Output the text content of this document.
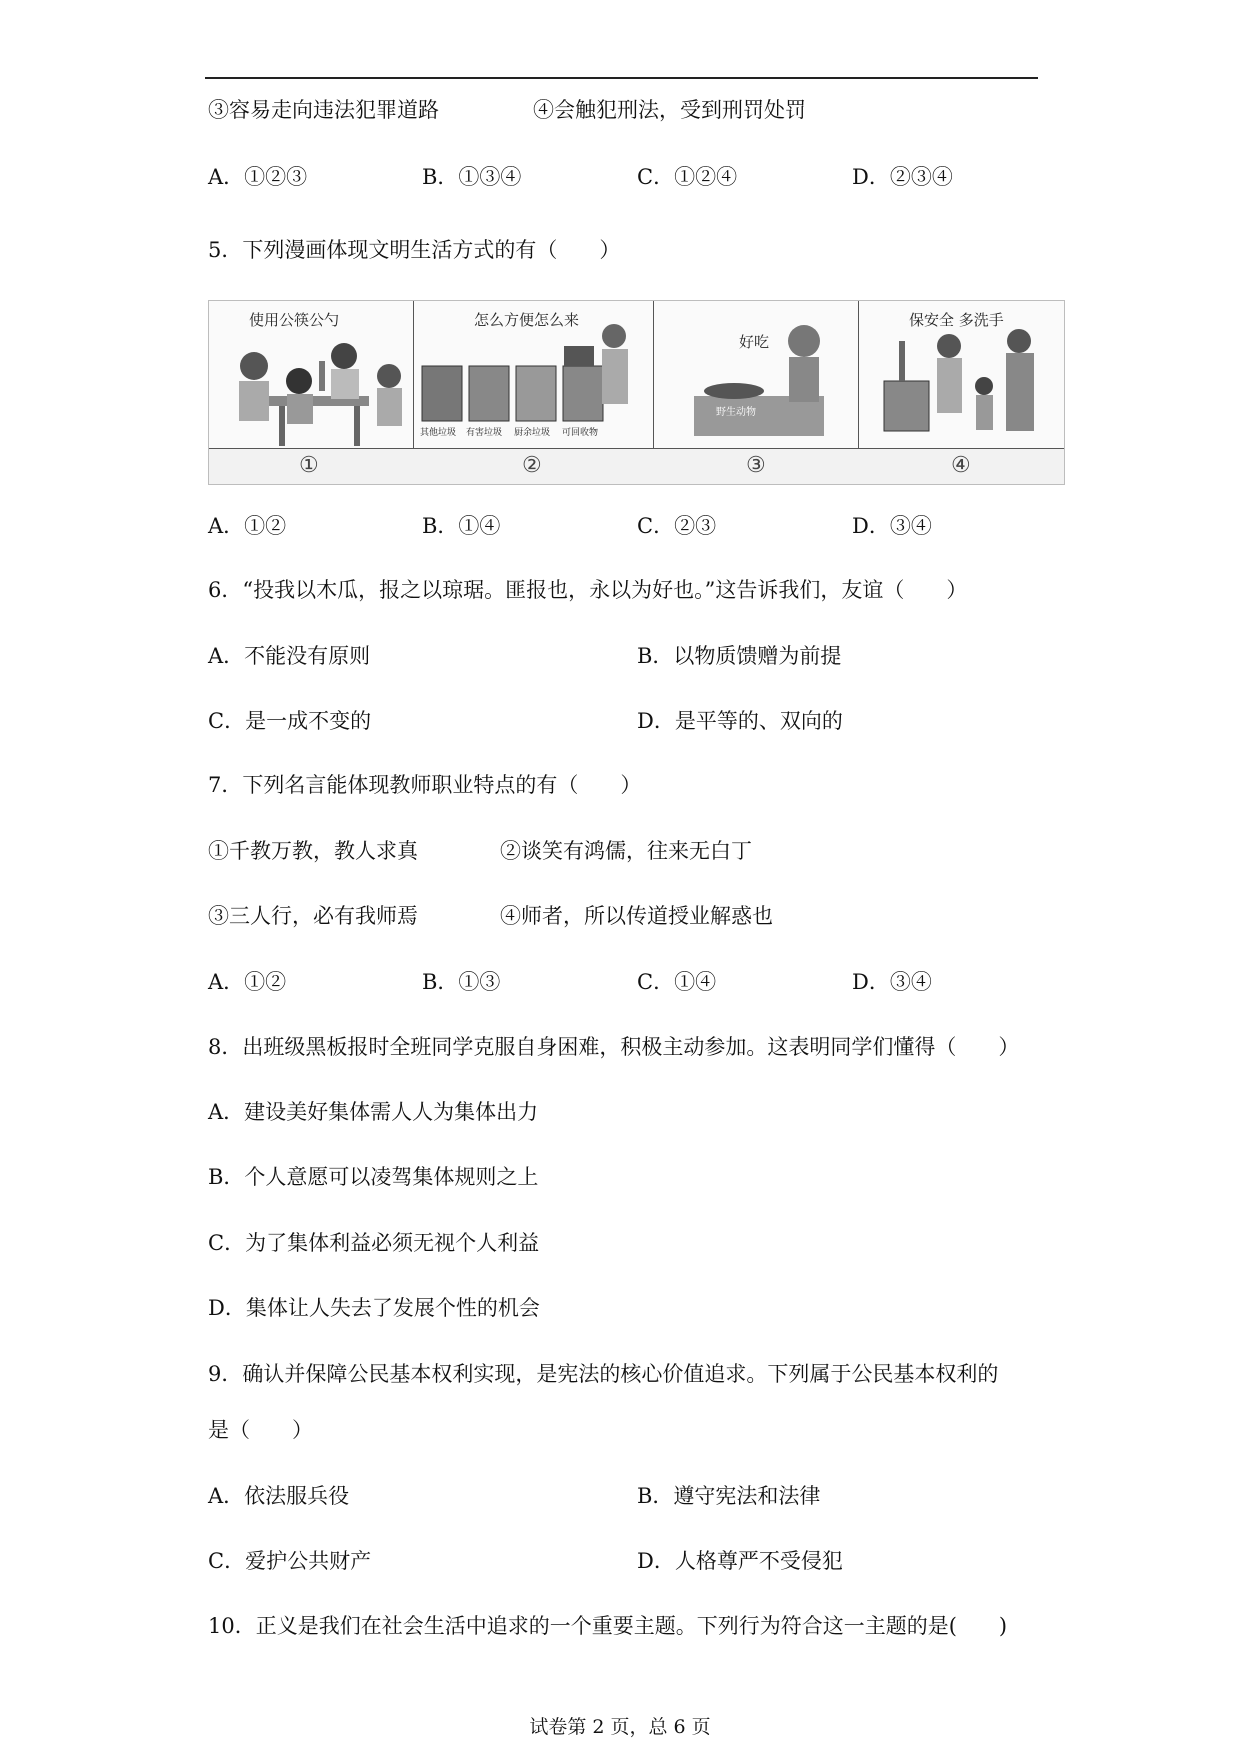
③容易走向违法犯罪道路	④会触犯刑法，受到刑罚处罚
A．①②③	B．①③④	C．①②④	D．②③④
5．下列漫画体现文明生活方式的有（　　）
使用公筷公勺
①
怎么方便怎么来
其他垃圾 有害垃圾 厨余垃圾 可回收物
②
好吃
野生动物
③
保安全 多洗手
④
A．①②	B．①④	C．②③	D．③④
6．“投我以木瓜，报之以琼琚。匪报也，永以为好也。”这告诉我们，友谊（　　）
A．不能没有原则	B．以物质馈赠为前提
C．是一成不变的	D．是平等的、双向的
7．下列名言能体现教师职业特点的有（　　）
①千教万教，教人求真	②谈笑有鸿儒，往来无白丁
③三人行，必有我师焉	④师者，所以传道授业解惑也
A．①②	B．①③	C．①④	D．③④
8．出班级黑板报时全班同学克服自身困难，积极主动参加。这表明同学们懂得（　　）
A．建设美好集体需人人为集体出力
B．个人意愿可以凌驾集体规则之上
C．为了集体利益必须无视个人利益
D．集体让人失去了发展个性的机会
9．确认并保障公民基本权利实现，是宪法的核心价值追求。下列属于公民基本权利的
是（　　）
A．依法服兵役	B．遵守宪法和法律
C．爱护公共财产	D．人格尊严不受侵犯
10．正义是我们在社会生活中追求的一个重要主题。下列行为符合这一主题的是(　　)
试卷第 2 页，总 6 页
